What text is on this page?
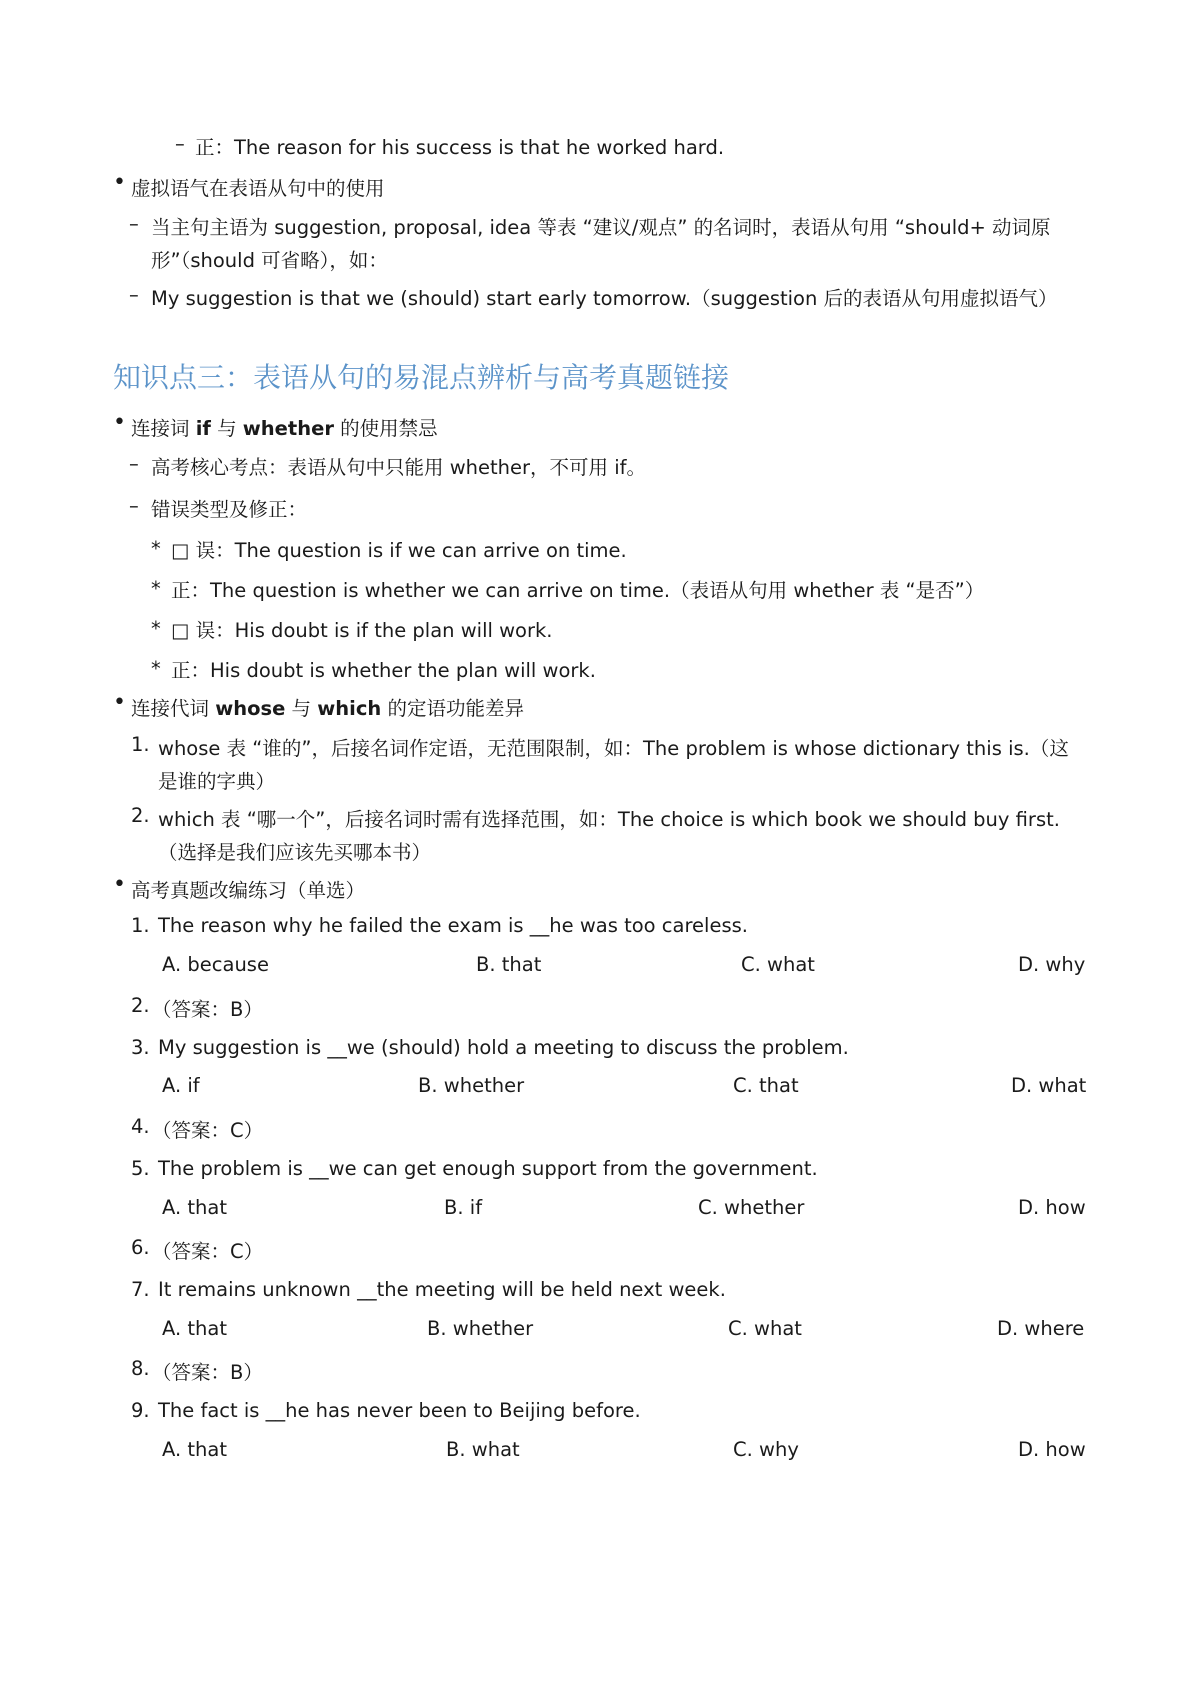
– 正：The reason for his success is that he worked hard.
• 虚拟语气在表语从句中的使用
– 当主句主语为 suggestion, proposal, idea 等表 “建议/观点” 的名词时，表语从句用 “should+ 动词原
形”（should 可省略），如：
– My suggestion is that we (should) start early tomorrow.（suggestion 后的表语从句用虚拟语气）
知识点三：表语从句的易混点辨析与高考真题链接
• 连接词 if 与 whether 的使用禁忌
– 高考核心考点：表语从句中只能用 whether，不可用 if。
– 错误类型及修正：
* □ 误：The question is if we can arrive on time.
* 正：The question is whether we can arrive on time.（表语从句用 whether 表 “是否”）
* □ 误：His doubt is if the plan will work.
* 正：His doubt is whether the plan will work.
• 连接代词 whose 与 which 的定语功能差异
1. whose 表 “谁的”，后接名词作定语，无范围限制，如：The problem is whose dictionary this is.（这
是谁的字典）
2. which 表 “哪一个”，后接名词时需有选择范围，如：The choice is which book we should buy first.
（选择是我们应该先买哪本书）
• 高考真题改编练习（单选）
1. The reason why he failed the exam is __he was too careless.
A. because	B. that	C. what	D. why
2. （答案：B）
3. My suggestion is __we (should) hold a meeting to discuss the problem.
A. if	B. whether	C. that	D. what
4. （答案：C）
5. The problem is __we can get enough support from the government.
A. that	B. if	C. whether	D. how
6. （答案：C）
7. It remains unknown __the meeting will be held next week.
A. that	B. whether	C. what	D. where
8. （答案：B）
9. The fact is __he has never been to Beijing before.
A. that	B. what	C. why	D. how
